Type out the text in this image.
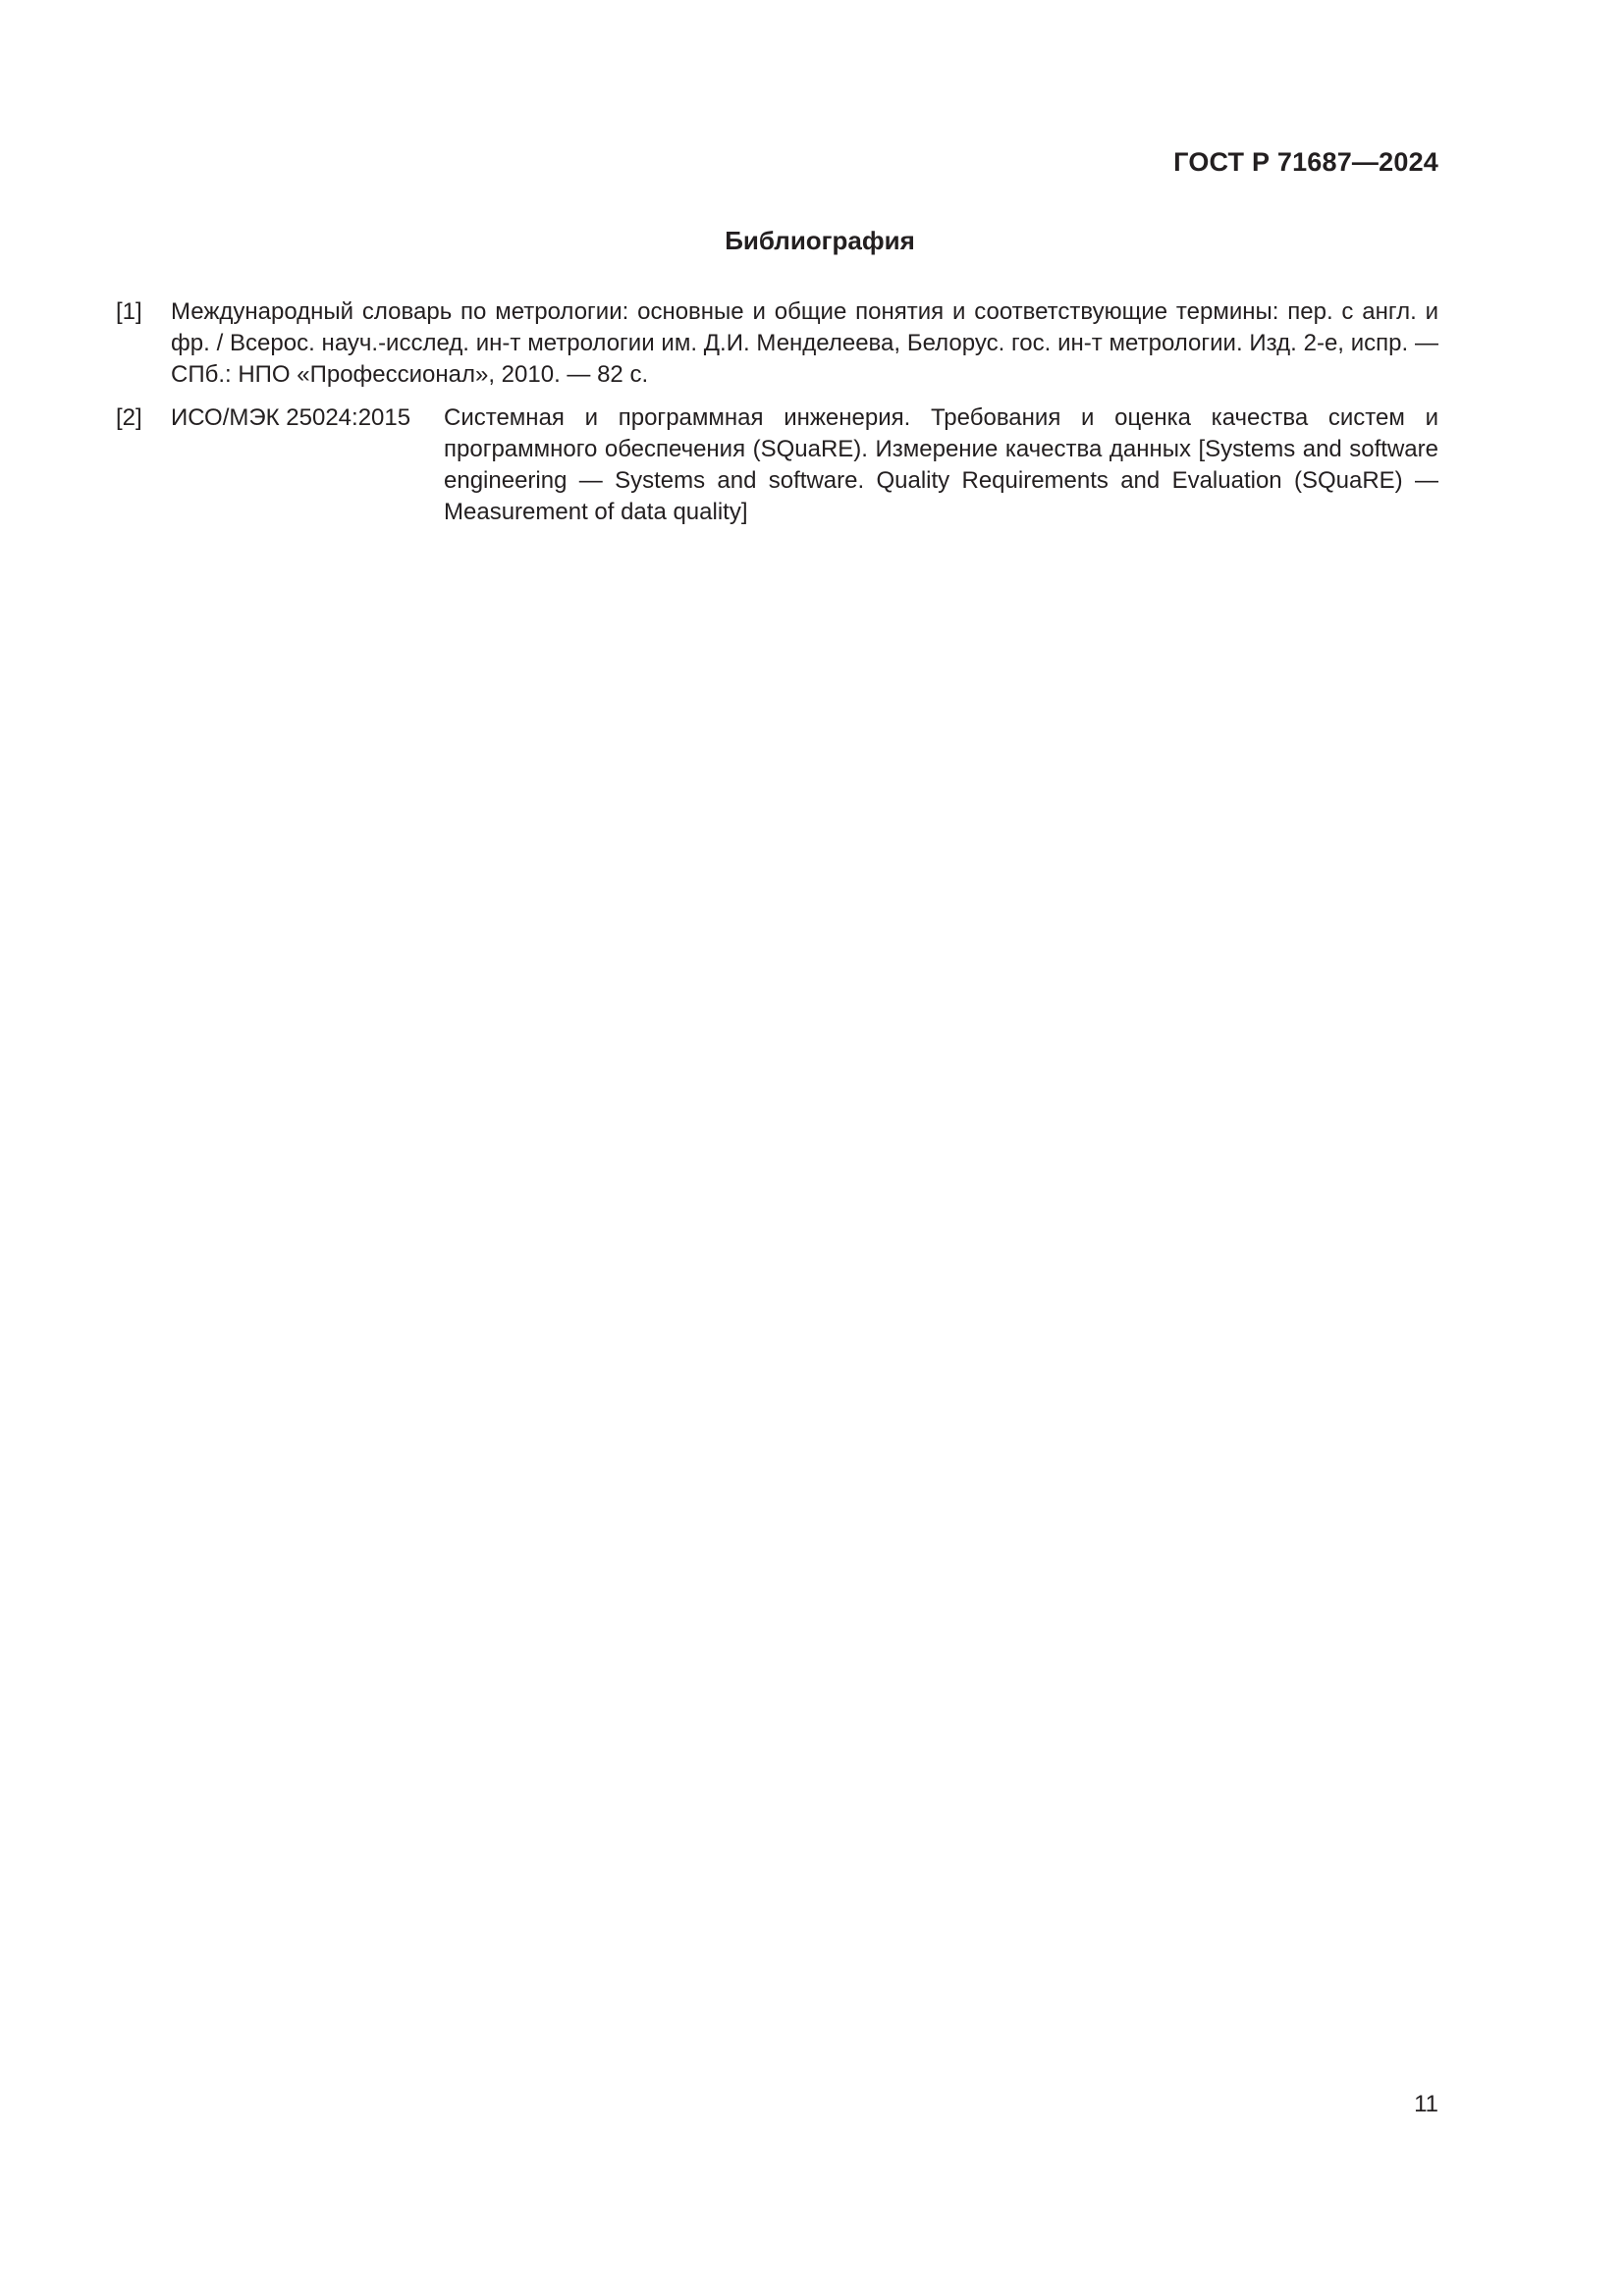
ГОСТ Р 71687—2024
Библиография
[1] Международный словарь по метрологии: основные и общие понятия и соответствующие термины: пер. с англ. и фр. / Всерос. науч.-исслед. ин-т метрологии им. Д.И. Менделеева, Белорус. гос. ин-т метрологии. Изд. 2-е, испр. — СПб.: НПО «Профессионал», 2010. — 82 с.
[2] ИСО/МЭК 25024:2015 Системная и программная инженерия. Требования и оценка качества систем и программного обеспечения (SQuaRE). Измерение качества данных [Systems and software engineering — Systems and software. Quality Requirements and Evaluation (SQuaRE) — Measurement of data quality]
11
